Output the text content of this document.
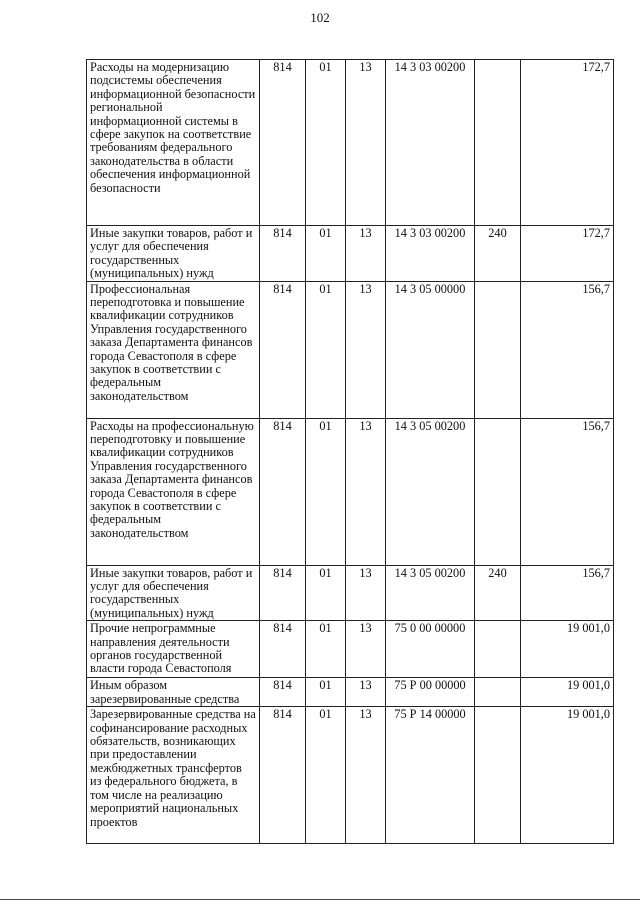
102
Расходы на модернизацию подсистемы обеспечения информационной безопасности региональной информационной системы в сфере закупок на соответствие требованиям федерального законодательства в области обеспечения информационной безопасности	814	01	13	14 3 03 00200		172,7
Иные закупки товаров, работ и услуг для обеспечения государственных (муниципальных) нужд	814	01	13	14 3 03 00200	240	172,7
Профессиональная переподготовка и повышение квалификации сотрудников Управления государственного заказа Департамента финансов города Севастополя в сфере закупок в соответствии с федеральным законодательством	814	01	13	14 3 05 00000		156,7
Расходы на профессиональную переподготовку и повышение квалификации сотрудников Управления государственного заказа Департамента финансов города Севастополя в сфере закупок в соответствии с федеральным законодательством	814	01	13	14 3 05 00200		156,7
Иные закупки товаров, работ и услуг для обеспечения государственных (муниципальных) нужд	814	01	13	14 3 05 00200	240	156,7
Прочие непрограммные направления деятельности органов государственной власти города Севастополя	814	01	13	75 0 00 00000		19 001,0
Иным образом зарезервированные средства	814	01	13	75 Р 00 00000		19 001,0
Зарезервированные средства на софинансирование расходных обязательств, возникающих при предоставлении межбюджетных трансфертов из федерального бюджета, в том числе на реализацию мероприятий национальных проектов	814	01	13	75 Р 14 00000		19 001,0
